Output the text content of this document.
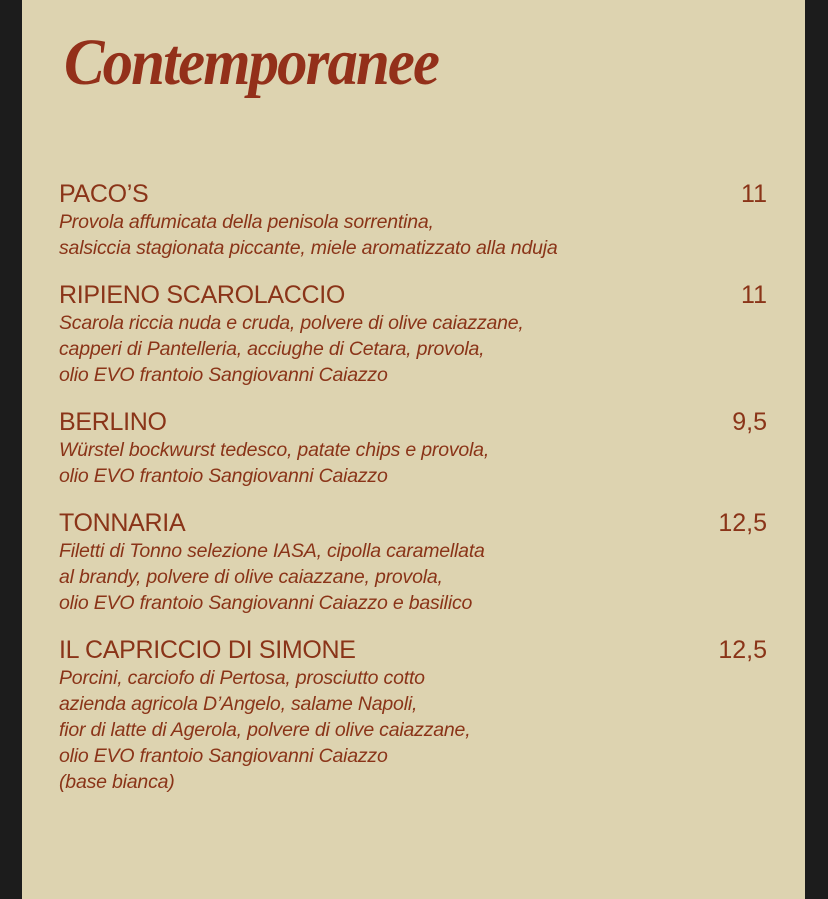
Contemporanee
PACO’S	11
Provola affumicata della penisola sorrentina,
salsiccia stagionata piccante, miele aromatizzato alla nduja
RIPIENO SCAROLACCIO	11
Scarola riccia nuda e cruda, polvere di olive caiazzane,
capperi di Pantelleria, acciughe di Cetara, provola,
olio EVO frantoio Sangiovanni Caiazzo
BERLINO	9,5
Würstel bockwurst tedesco, patate chips e provola,
olio EVO frantoio Sangiovanni Caiazzo
TONNARIA	12,5
Filetti di Tonno selezione IASA, cipolla caramellata
al brandy, polvere di olive caiazzane, provola,
olio EVO frantoio Sangiovanni Caiazzo e basilico
IL CAPRICCIO DI SIMONE	12,5
Porcini, carciofo di Pertosa, prosciutto cotto
azienda agricola D’Angelo, salame Napoli,
fior di latte di Agerola, polvere di olive caiazzane,
olio EVO frantoio Sangiovanni Caiazzo
(base bianca)
